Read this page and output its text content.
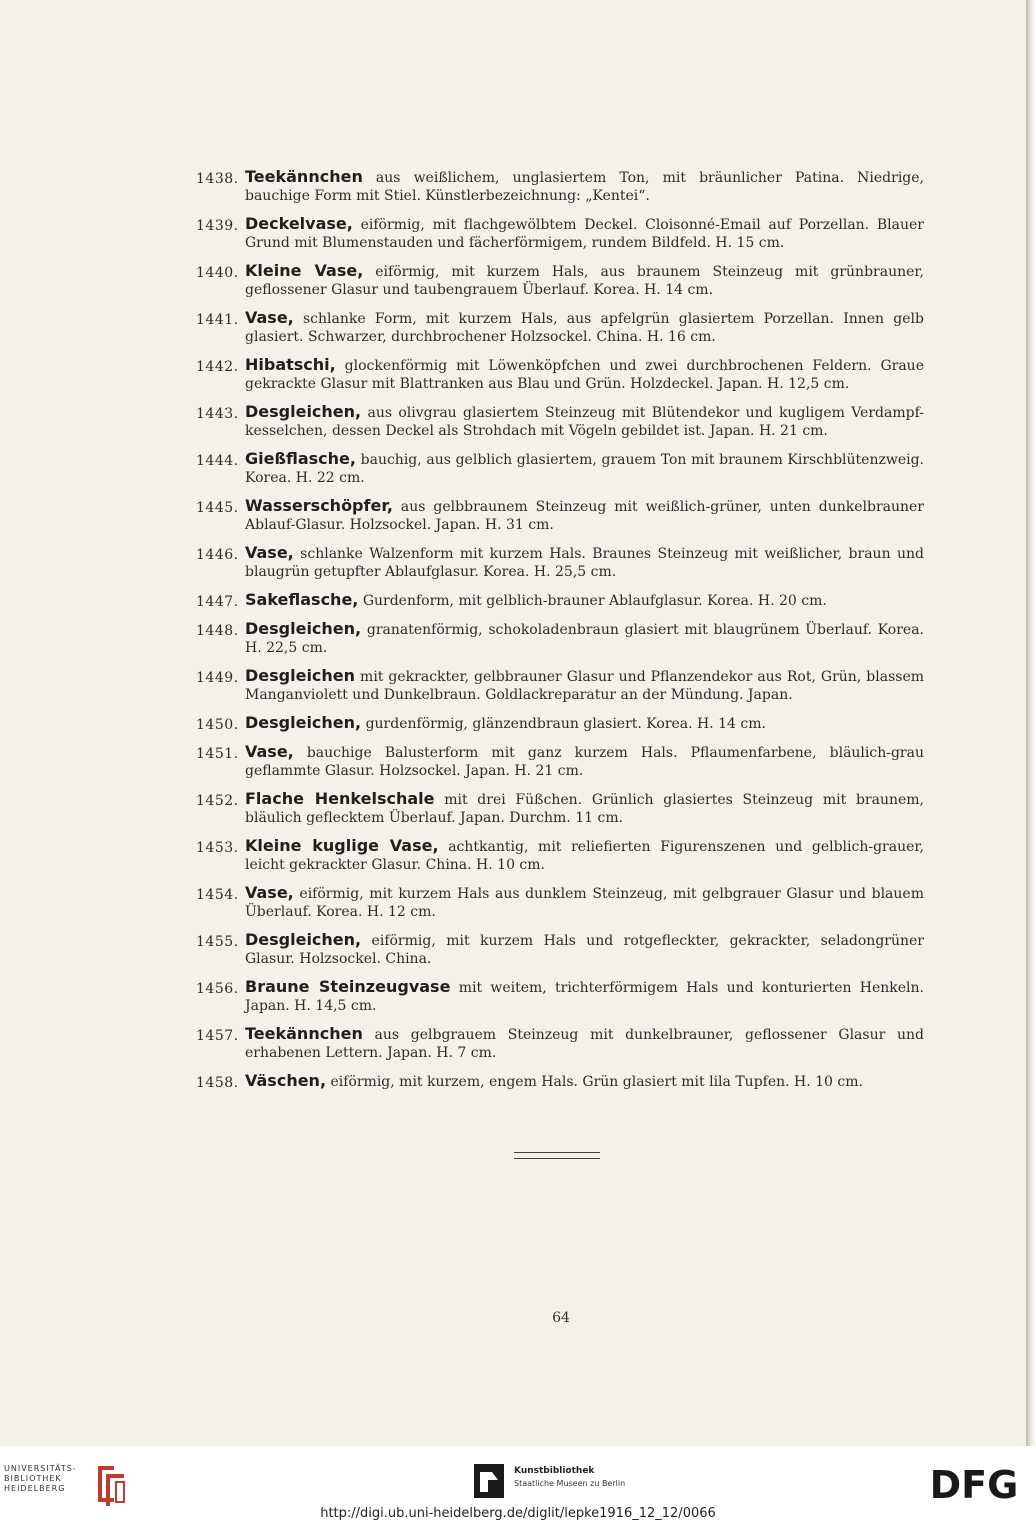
1438. Teekännchen aus weißlichem, unglasiertem Ton, mit bräunlicher Patina. Niedrige, bauchige Form mit Stiel. Künstlerbezeichnung: „Kentei“.
1439. Deckelvase, eiförmig, mit flachgewölbtem Deckel. Cloisonné-Email auf Porzellan. Blauer Grund mit Blumenstauden und fächerförmigem, rundem Bildfeld. H. 15 cm.
1440. Kleine Vase, eiförmig, mit kurzem Hals, aus braunem Steinzeug mit grünbrauner, geflossener Glasur und taubengrauem Überlauf. Korea. H. 14 cm.
1441. Vase, schlanke Form, mit kurzem Hals, aus apfelgrün glasiertem Porzellan. Innen gelb glasiert. Schwarzer, durchbrochener Holzsockel. China. H. 16 cm.
1442. Hibatschi, glockenförmig mit Löwenköpfchen und zwei durchbrochenen Feldern. Graue gekrackte Glasur mit Blattranken aus Blau und Grün. Holzdeckel. Japan. H. 12,5 cm.
1443. Desgleichen, aus olivgrau glasiertem Steinzeug mit Blütendekor und kugligem Verdampf-kesselchen, dessen Deckel als Strohdach mit Vögeln gebildet ist. Japan. H. 21 cm.
1444. Gießflasche, bauchig, aus gelblich glasiertem, grauem Ton mit braunem Kirschblütenzweig. Korea. H. 22 cm.
1445. Wasserschöpfer, aus gelbbraunem Steinzeug mit weißlich-grüner, unten dunkelbrauner Ablauf-Glasur. Holzsockel. Japan. H. 31 cm.
1446. Vase, schlanke Walzenform mit kurzem Hals. Braunes Steinzeug mit weißlicher, braun und blaugrün getupfter Ablaufglasur. Korea. H. 25,5 cm.
1447. Sakeflasche, Gurdenform, mit gelblich-brauner Ablaufglasur. Korea. H. 20 cm.
1448. Desgleichen, granatenförmig, schokoladenbraun glasiert mit blaugrünem Überlauf. Korea. H. 22,5 cm.
1449. Desgleichen mit gekrackter, gelbbrauner Glasur und Pflanzendekor aus Rot, Grün, blassem Manganviolett und Dunkelbraun. Goldlackreparatur an der Mündung. Japan.
1450. Desgleichen, gurdenförmig, glänzendbraun glasiert. Korea. H. 14 cm.
1451. Vase, bauchige Balusterform mit ganz kurzem Hals. Pflaumenfarbene, bläulich-grau geflammte Glasur. Holzsockel. Japan. H. 21 cm.
1452. Flache Henkelschale mit drei Füßchen. Grünlich glasiertes Steinzeug mit braunem, bläulich geflecktem Überlauf. Japan. Durchm. 11 cm.
1453. Kleine kuglige Vase, achtkantig, mit reliefierten Figurenszenen und gelblich-grauer, leicht gekrackter Glasur. China. H. 10 cm.
1454. Vase, eiförmig, mit kurzem Hals aus dunklem Steinzeug, mit gelbgrauer Glasur und blauem Überlauf. Korea. H. 12 cm.
1455. Desgleichen, eiförmig, mit kurzem Hals und rotgefleckter, gekrackter, seladongrüner Glasur. Holzsockel. China.
1456. Braune Steinzeugvase mit weitem, trichterförmigem Hals und konturierten Henkeln. Japan. H. 14,5 cm.
1457. Teekännchen aus gelbgrauem Steinzeug mit dunkelbrauner, geflossener Glasur und erhabenen Lettern. Japan. H. 7 cm.
1458. Väschen, eiförmig, mit kurzem, engem Hals. Grün glasiert mit lila Tupfen. H. 10 cm.
64
UNIVERSITÄTS-
BIBLIOTHEK
HEIDELBERG
Kunstbibliothek
Staatliche Museen zu Berlin	DFG
http://digi.ub.uni-heidelberg.de/diglit/lepke1916_12_12/0066
